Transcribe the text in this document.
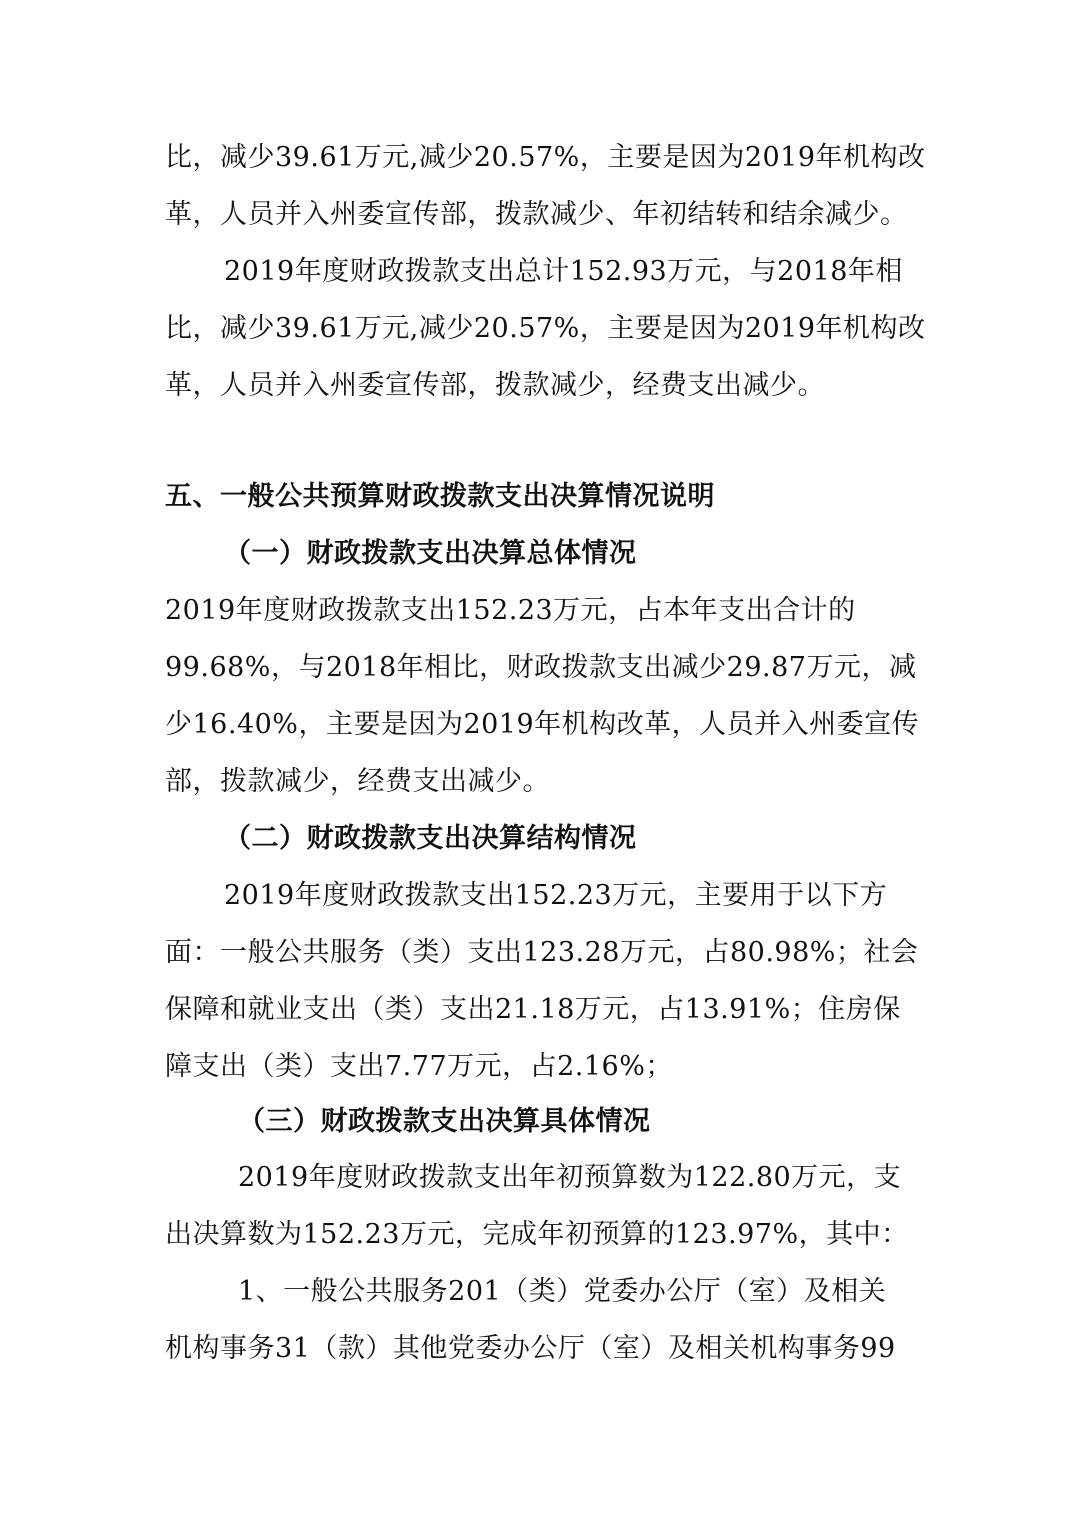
比，减少39.61万元,减少20.57%，主要是因为2019年机构改
革，人员并入州委宣传部，拨款减少、年初结转和结余减少。
2019年度财政拨款支出总计152.93万元，与2018年相
比，减少39.61万元,减少20.57%，主要是因为2019年机构改
革，人员并入州委宣传部，拨款减少，经费支出减少。
五、一般公共预算财政拨款支出决算情况说明
（一）财政拨款支出决算总体情况
2019年度财政拨款支出152.23万元，占本年支出合计的
99.68%，与2018年相比，财政拨款支出减少29.87万元，减
少16.40%，主要是因为2019年机构改革，人员并入州委宣传
部，拨款减少，经费支出减少。
（二）财政拨款支出决算结构情况
2019年度财政拨款支出152.23万元，主要用于以下方
面：一般公共服务（类）支出123.28万元，占80.98%；社会
保障和就业支出（类）支出21.18万元，占13.91%；住房保
障支出（类）支出7.77万元，占2.16%；
（三）财政拨款支出决算具体情况
2019年度财政拨款支出年初预算数为122.80万元，支
出决算数为152.23万元，完成年初预算的123.97%，其中：
1、一般公共服务201（类）党委办公厅（室）及相关
机构事务31（款）其他党委办公厅（室）及相关机构事务99
